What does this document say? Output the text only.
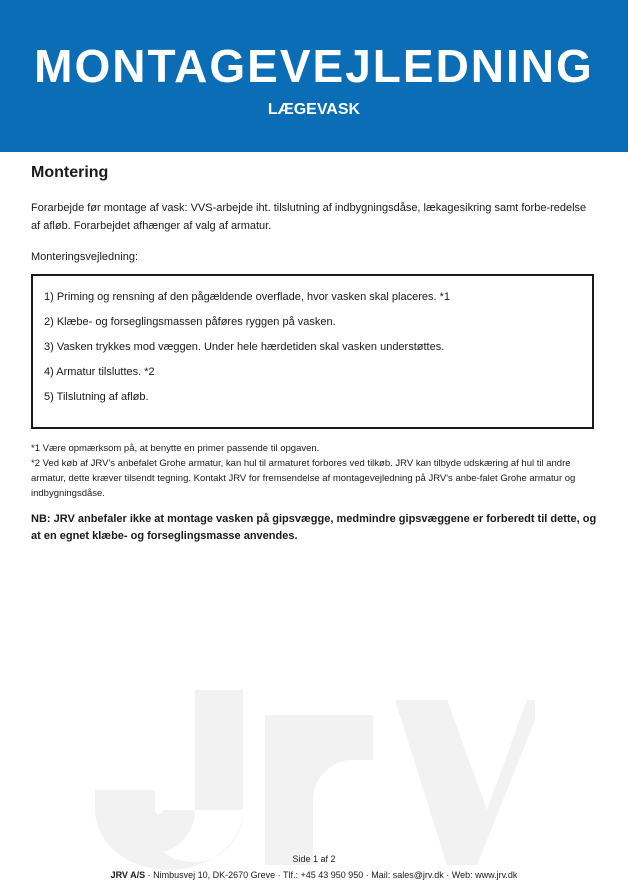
MONTAGEVEJLEDNING
LÆGEVASK
JRV
Montering

Forarbejde før montage af vask: VVS-arbejde iht. tilslutning af indbygningsdåse, lækagesikring samt forbe-redelse af afløb. Forarbejdet afhænger af valg af armatur.

Monteringsvejledning:

1) Priming og rensning af den pågældende overflade, hvor vasken skal placeres. *1
2) Klæbe- og forseglingsmassen påføres ryggen på vasken.
3) Vasken trykkes mod væggen. Under hele hærdetiden skal vasken understøttes.
4) Armatur tilsluttes. *2
5) Tilslutning af afløb.

*1 Være opmærksom på, at benytte en primer passende til opgaven.

*2 Ved køb af JRV's anbefalet Grohe armatur, kan hul til armaturet forbores ved tilkøb. JRV kan tilbyde udskæring af hul til andre armatur, dette kræver tilsendt tegning. Kontakt JRV for fremsendelse af montagevejledning på JRV's anbe-falet Grohe armatur og indbygningsdåse.

NB: JRV anbefaler ikke at montage vasken på gipsvægge, medmindre gipsvæggene er forberedt til dette, og at en egnet klæbe- og forseglingsmasse anvendes.
Side 1 af 2
JRV A/S · Nimbusvej 10, DK-2670 Greve · Tlf.: +45 43 950 950 · Mail: sales@jrv.dk · Web: www.jrv.dk
